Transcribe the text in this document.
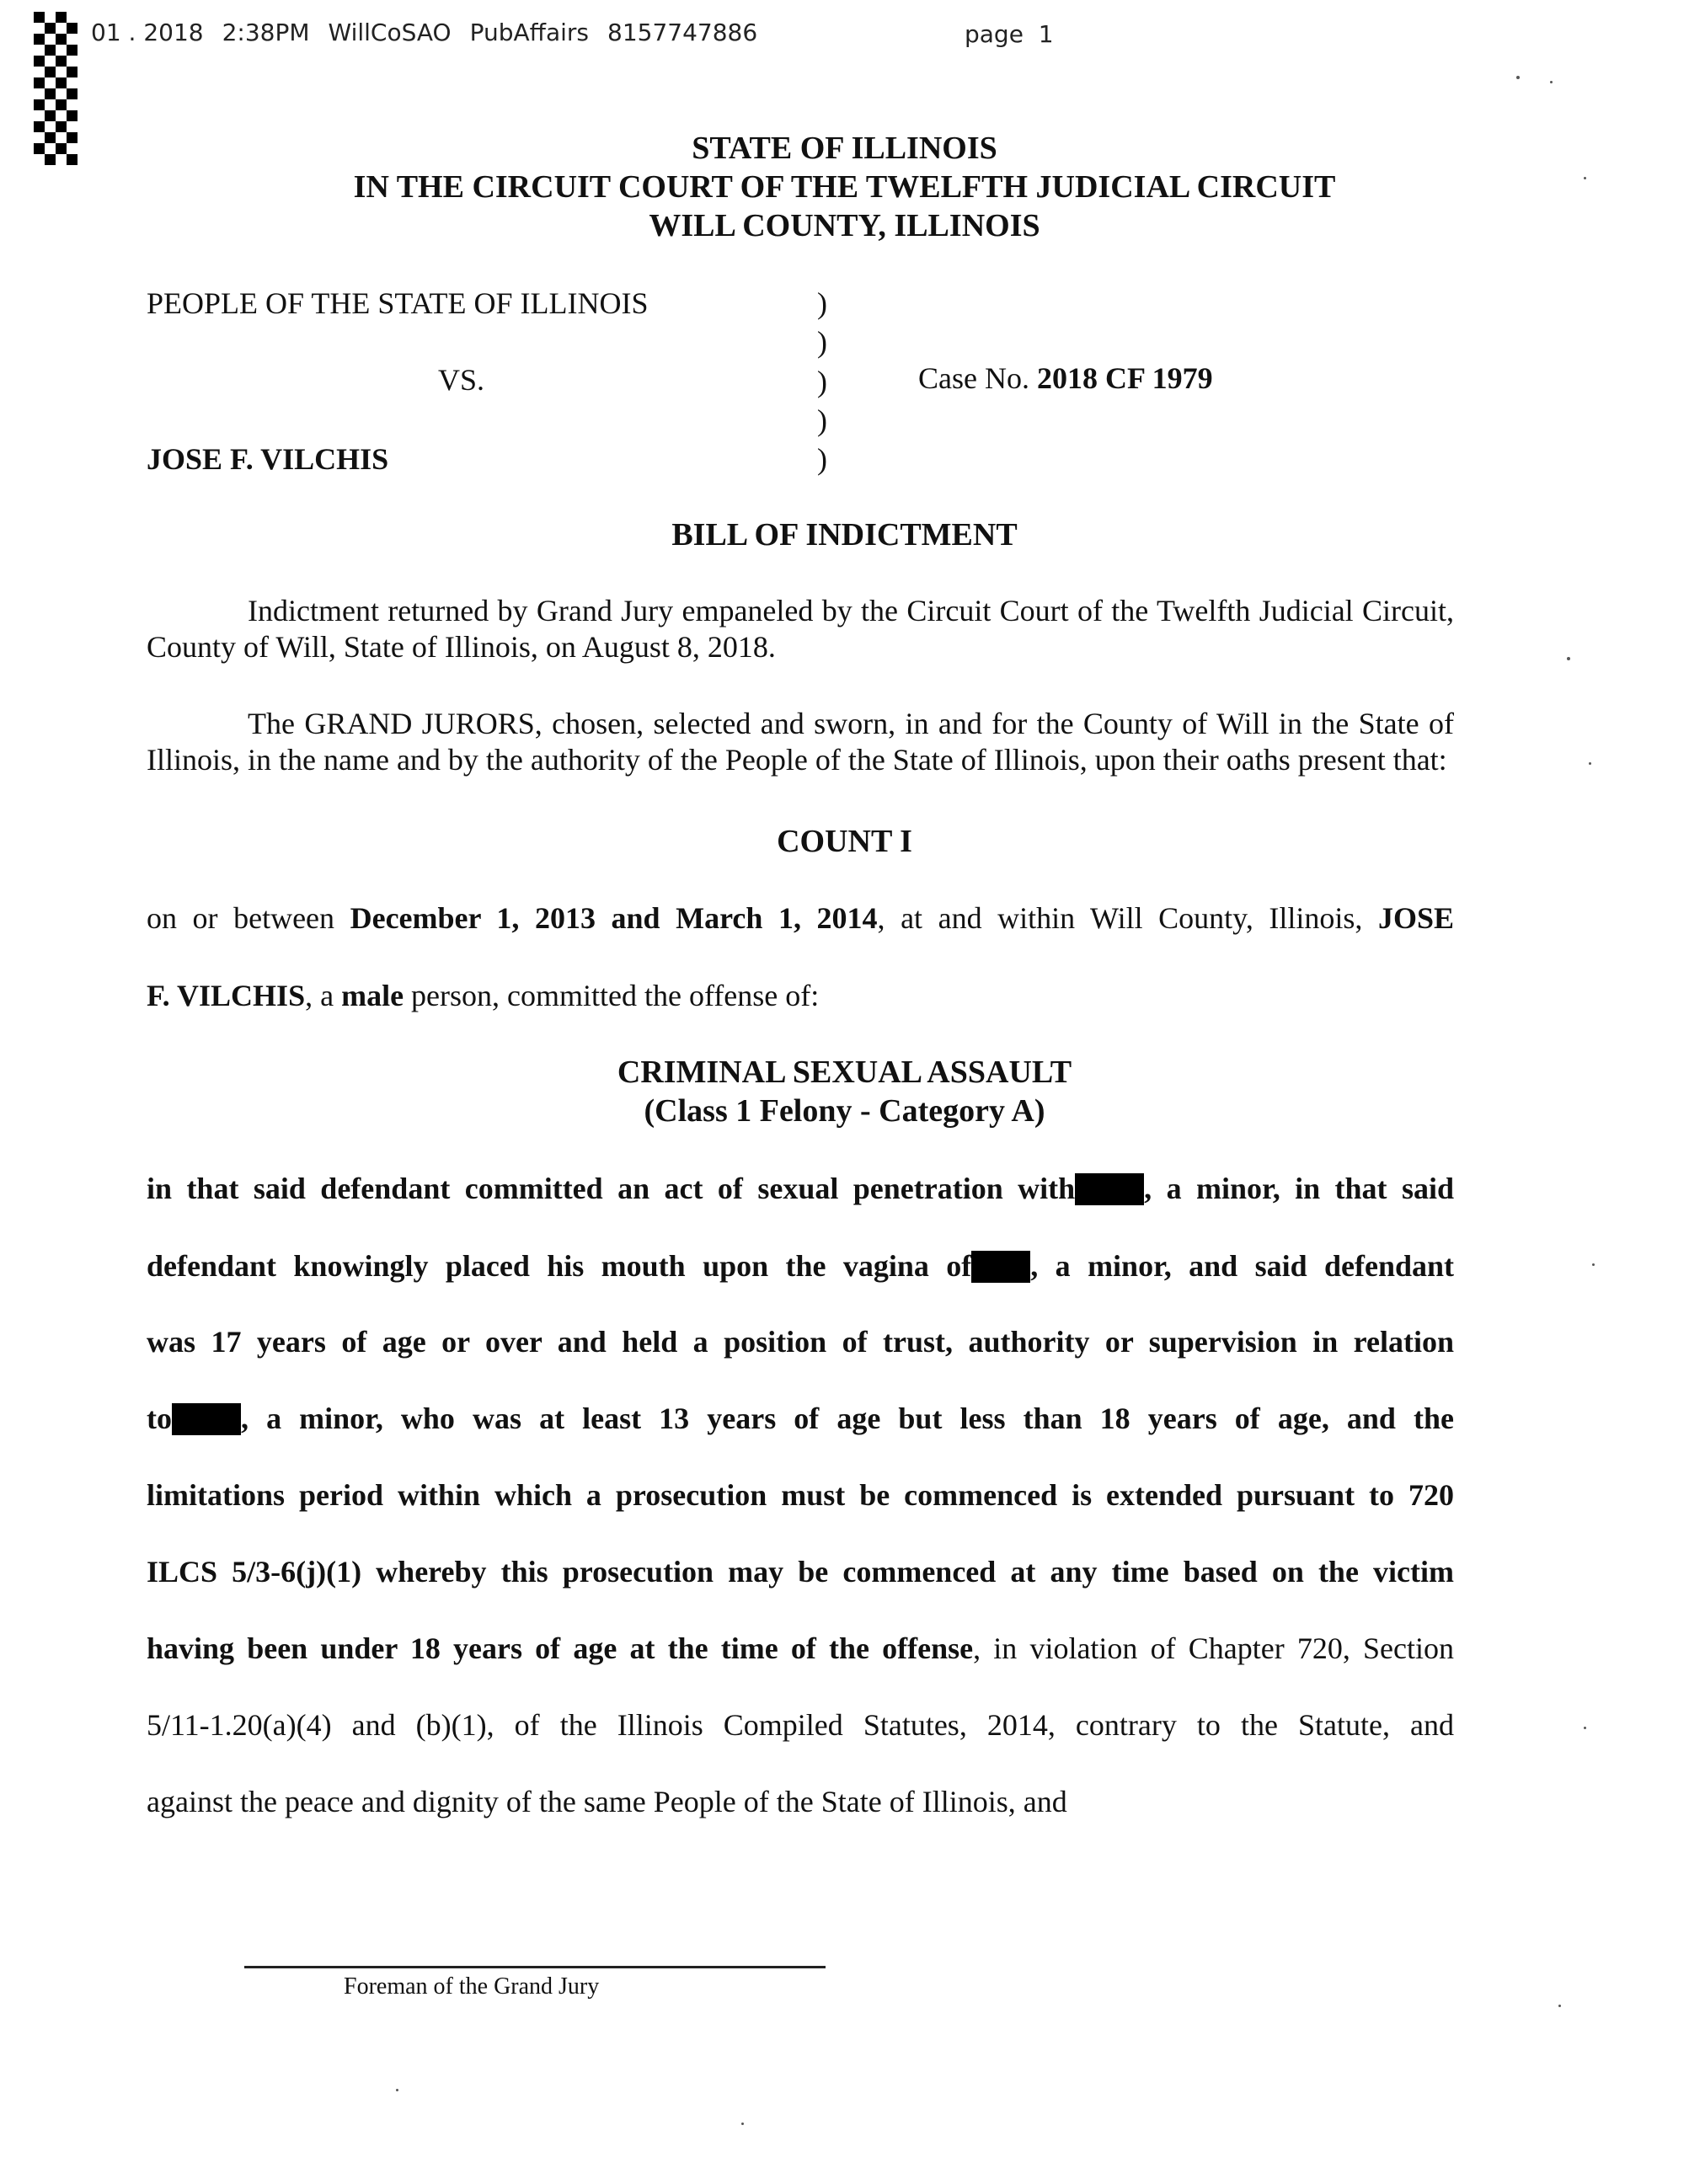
01 . 2018 2:38PM WillCoSAO PubAffairs 8157747886	page  1
STATE OF ILLINOIS
IN THE CIRCUIT COURT OF THE TWELFTH JUDICIAL CIRCUIT
WILL COUNTY, ILLINOIS
PEOPLE OF THE STATE OF ILLINOIS
VS.
JOSE F. VILCHIS
)
)
)
)
)
Case No. 2018 CF 1979
BILL OF INDICTMENT
Indictment returned by Grand Jury empaneled by the Circuit Court of the Twelfth Judicial Circuit, County of Will, State of Illinois, on August 8, 2018.
The GRAND JURORS, chosen, selected and sworn, in and for the County of Will in the State of Illinois, in the name and by the authority of the People of the State of Illinois, upon their oaths present that:
COUNT I
on or between December 1, 2013 and March 1, 2014, at and within Will County, Illinois, JOSE
F. VILCHIS, a male person, committed the offense of:
CRIMINAL SEXUAL ASSAULT
(Class 1 Felony - Category A)
in that said defendant committed an act of sexual penetration with , a minor, in that said
defendant knowingly placed his mouth upon the vagina of , a minor, and said defendant
was 17 years of age or over and held a position of trust, authority or supervision in relation
to , a minor, who was at least 13 years of age but less than 18 years of age, and the
limitations period within which a prosecution must be commenced is extended pursuant to 720
ILCS 5/3-6(j)(1) whereby this prosecution may be commenced at any time based on the victim
having been under 18 years of age at the time of the offense, in violation of Chapter 720, Section
5/11-1.20(a)(4) and (b)(1), of the Illinois Compiled Statutes, 2014, contrary to the Statute, and
against the peace and dignity of the same People of the State of Illinois, and
Foreman of the Grand Jury
